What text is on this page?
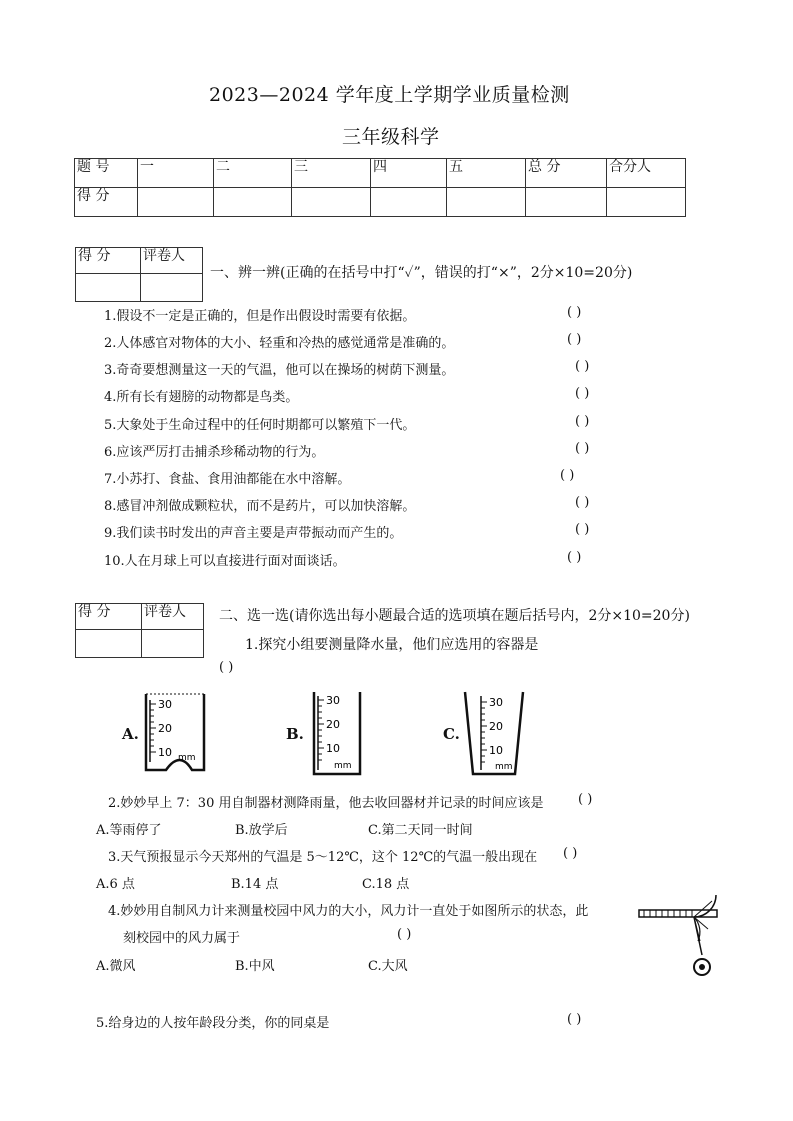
2023—2024 学年度上学期学业质量检测
三年级科学
题 号	一	二	三	四	五	总 分	合分人
得 分							
得 分	评卷人

一、辨一辨(正确的在括号中打“✓”，错误的打“×”，2分×10=20分)
1.假设不一定是正确的，但是作出假设时需要有依据。	( )
2.人体感官对物体的大小、轻重和冷热的感觉通常是准确的。	( )
3.奇奇要想测量这一天的气温，他可以在操场的树荫下测量。	( )
4.所有长有翅膀的动物都是鸟类。	( )
5.大象处于生命过程中的任何时期都可以繁殖下一代。	( )
6.应该严厉打击捕杀珍稀动物的行为。	( )
7.小苏打、食盐、食用油都能在水中溶解。	( )
8.感冒冲剂做成颗粒状，而不是药片，可以加快溶解。	( )
9.我们读书时发出的声音主要是声带振动而产生的。	( )
10.人在月球上可以直接进行面对面谈话。	( )
得 分	评卷人
	二、选一选(请你选出每小题最合适的选项填在题后括号内，2分×10=20分)
1.探究小组要测量降水量，他们应选用的容器是
( )
A.	B.	C.
30
20
10 mm
30
20
10
mm
30
20
10
mm
2.妙妙早上 7：30 用自制器材测降雨量，他去收回器材并记录的时间应该是	( )
A.等雨停了	B.放学后	C.第二天同一时间
3.天气预报显示今天郑州的气温是 5～12℃，这个 12℃的气温一般出现在 ( )
A.6 点	B.14 点	C.18 点
4.妙妙用自制风力计来测量校园中风力的大小，风力计一直处于如图所示的状态，此
刻校园中的风力属于	( )
A.微风	B.中风	C.大风
5.给身边的人按年龄段分类，你的同桌是	( )
